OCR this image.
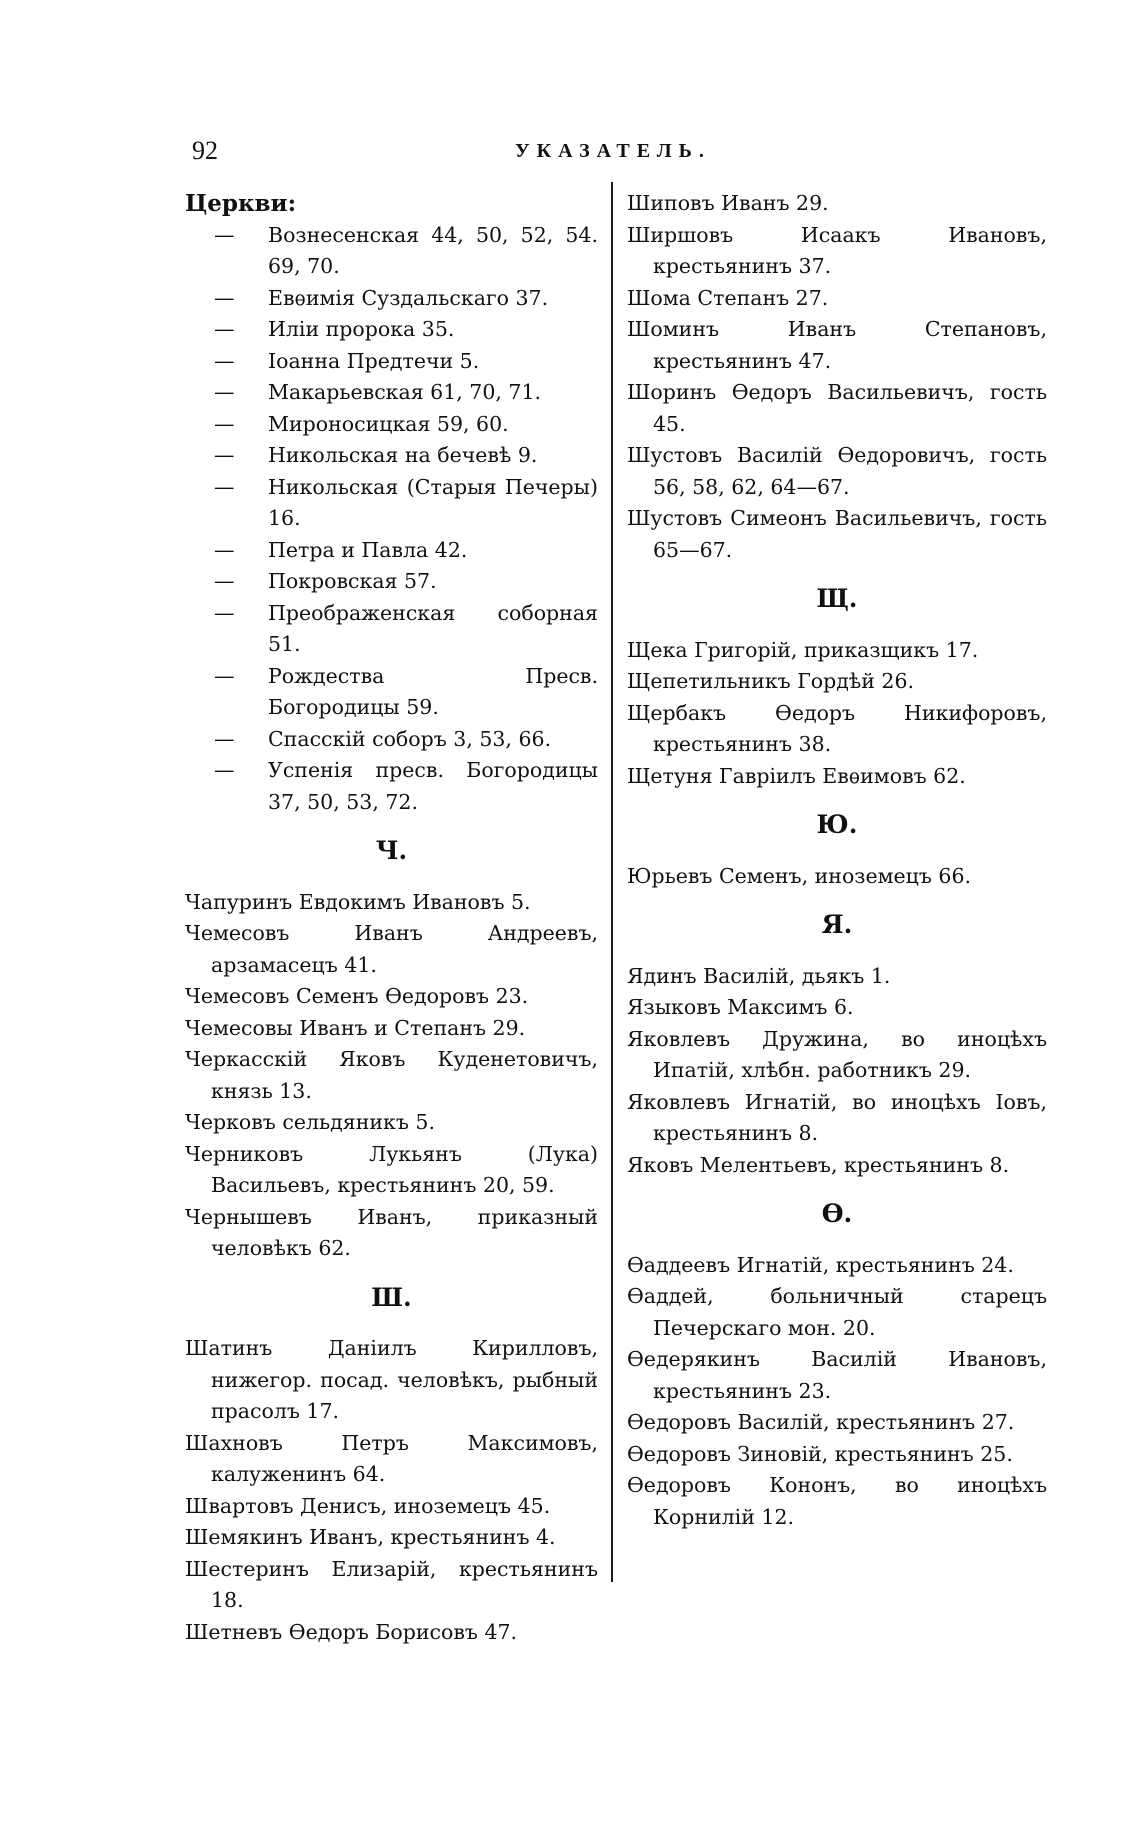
92	УКАЗАТЕЛЬ.
Церкви:
— Вознесенская 44, 50, 52, 54. 69, 70.
— Евѳимія Суздальскаго 37.
— Иліи пророка 35.
— Іоанна Предтечи 5.
— Макарьевская 61, 70, 71.
— Мироносицкая 59, 60.
— Никольская на бечевѣ 9.
— Никольская (Старыя Печеры) 16.
— Петра и Павла 42.
— Покровская 57.
— Преображенская соборная 51.
— Рождества Пресв. Богородицы 59.
— Спасскій соборъ 3, 53, 66.
— Успенія пресв. Богородицы 37, 50, 53, 72.
Ч.
Чапуринъ Евдокимъ Ивановъ 5.
Чемесовъ Иванъ Андреевъ, арзамасецъ 41.
Чемесовъ Семенъ Ѳедоровъ 23.
Чемесовы Иванъ и Степанъ 29.
Черкасскій Яковъ Куденетовичъ, князь 13.
Черковъ сельдяникъ 5.
Черниковъ Лукьянъ (Лука) Васильевъ, крестьянинъ 20, 59.
Чернышевъ Иванъ, приказный человѣкъ 62.
Ш.
Шатинъ Даніилъ Кирилловъ, нижегор. посад. человѣкъ, рыбный прасолъ 17.
Шахновъ Петръ Максимовъ, калуженинъ 64.
Швартовъ Денисъ, иноземецъ 45.
Шемякинъ Иванъ, крестьянинъ 4.
Шестеринъ Елизарій, крестьянинъ 18.
Шетневъ Ѳедоръ Борисовъ 47.
Шиповъ Иванъ 29.
Ширшовъ Исаакъ Ивановъ, крестьянинъ 37.
Шома Степанъ 27.
Шоминъ Иванъ Степановъ, крестьянинъ 47.
Шоринъ Ѳедоръ Васильевичъ, гость 45.
Шустовъ Василій Ѳедоровичъ, гость 56, 58, 62, 64—67.
Шустовъ Симеонъ Васильевичъ, гость 65—67.
Щ.
Щека Григорій, приказщикъ 17.
Щепетильникъ Гордѣй 26.
Щербакъ Ѳедоръ Никифоровъ, крестьянинъ 38.
Щетуня Гавріилъ Евѳимовъ 62.
Ю.
Юрьевъ Семенъ, иноземецъ 66.
Я.
Ядинъ Василій, дьякъ 1.
Языковъ Максимъ 6.
Яковлевъ Дружина, во иноцѣхъ Ипатій, хлѣбн. работникъ 29.
Яковлевъ Игнатій, во иноцѣхъ Іовъ, крестьянинъ 8.
Яковъ Мелентьевъ, крестьянинъ 8.
Ѳ.
Ѳаддеевъ Игнатій, крестьянинъ 24.
Ѳаддей, больничный старецъ Печерскаго мон. 20.
Ѳедерякинъ Василій Ивановъ, крестьянинъ 23.
Ѳедоровъ Василій, крестьянинъ 27.
Ѳедоровъ Зиновій, крестьянинъ 25.
Ѳедоровъ Кононъ, во иноцѣхъ Корнилій 12.
